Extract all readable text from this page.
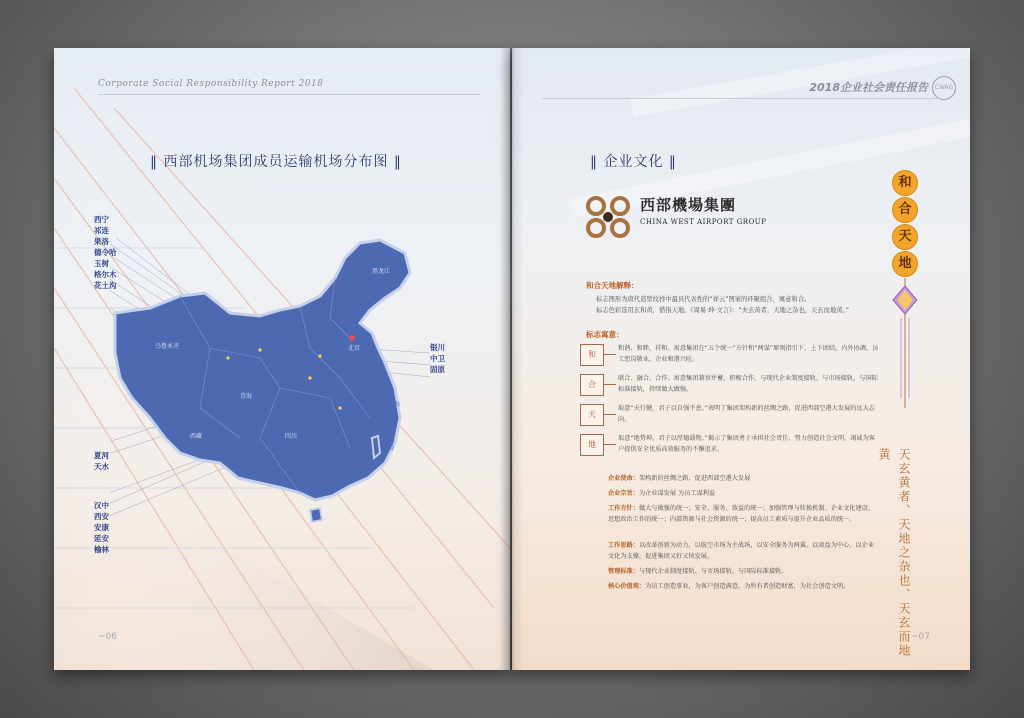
Corporate Social Responsibility Report 2018
‖ 西部机场集团成员运输机场分布图 ‖
西宁
祁连
果洛
德令哈
玉树
格尔木
花土沟
夏河
天水
汉中
西安
安康
延安
榆林
银川
中卫
固原
乌鲁木齐
西藏
青海
四川
北京
东海
台湾
黑龙江
~06
2018企业社会责任报告	CWAG
‖ 企业文化 ‖
西部機場集團
CHINA WEST AIRPORT GROUP
和合天地解释：
标志图形为唐代造型纹样中最具代表性的“祥云”图案的环聚组合，寓意和合。
标志色彩选用玄和黄，借指天地。《周易·坤·文言》：“夫玄黄者，天地之杂也，天玄而地黄。”
标志寓意：
和
和谐、和睦、祥和。寓意集团在“五个统一”方针和“两谋”原则指引下，上下团结，内外协调，员工恋岗敬业，企业和谐兴旺。
合
联合、融合、合作。寓意集团兼容并蓄，积极合作，与现代企业制度接轨，与市场接轨，与国际标准接轨，持续做大做强。
天
取意“天行健，君子以自强不息。”表明了集团架构新的丝绸之路，促进西部空港大发展的远大志向。
地
取意“地势坤，君子以厚德载物。”揭示了集团勇于承担社会责任、努力创造社会文明，竭诚为客户提供安全优质高效服务的不懈追求。
企业使命：架构新的丝绸之路，促进西部空港大发展
企业宗旨：为企业谋发展 为员工谋利益
工作方针：做大与做强的统一；安全、服务、效益的统一；加强管理与转换机制、企业文化建设、思想政治工作的统一；内部资源与社会资源的统一；提高员工素质与提升企业品质的统一。
工作思路：以改革创新为动力，以航空市场为主战场，以安全服务为两翼，以效益为中心，以企业文化为支撑，促进集团又好又快发展。
管理标准：与现代企业制度接轨、与市场接轨、与国际标准接轨。
核心价值观：为员工创造事业，为客户创造满意，为所有者创造财富，为社会创造文明。
和
合
天
地
天玄黄者、天地之杂也、天玄而地黄
~07
